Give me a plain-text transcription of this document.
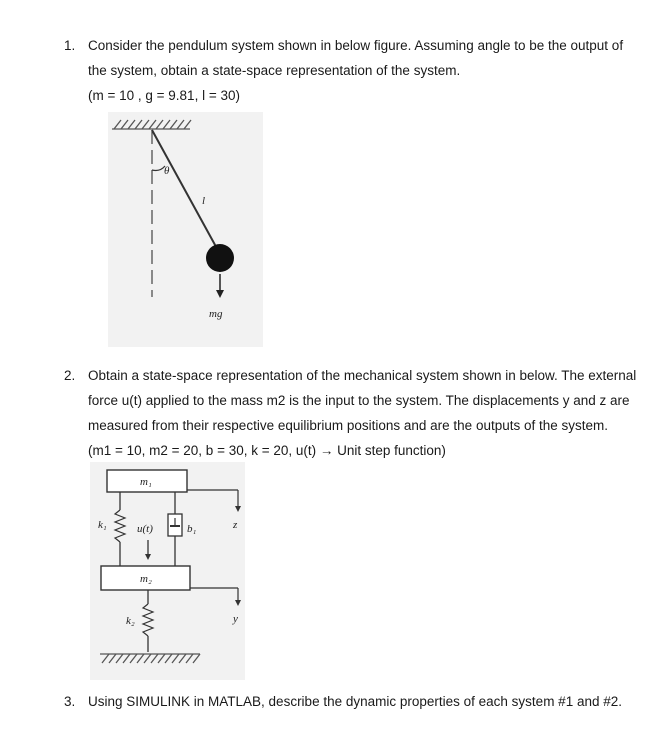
1. Consider the pendulum system shown in below figure. Assuming angle to be the output of
the system, obtain a state-space representation of the system.
(m = 10 , g = 9.81, l = 30)
θ
l
mg
2. Obtain a state-space representation of the mechanical system shown in below. The external
force u(t) applied to the mass m2 is the input to the system. The displacements y and z are
measured from their respective equilibrium positions and are the outputs of the system.
(m1 = 10, m2 = 20, b = 30, k = 20, u(t) → Unit step function)
m₁
z
k₁	b₁
u(t)
m₂
y
k₂
3. Using SIMULINK in MATLAB, describe the dynamic properties of each system #1 and #2.
